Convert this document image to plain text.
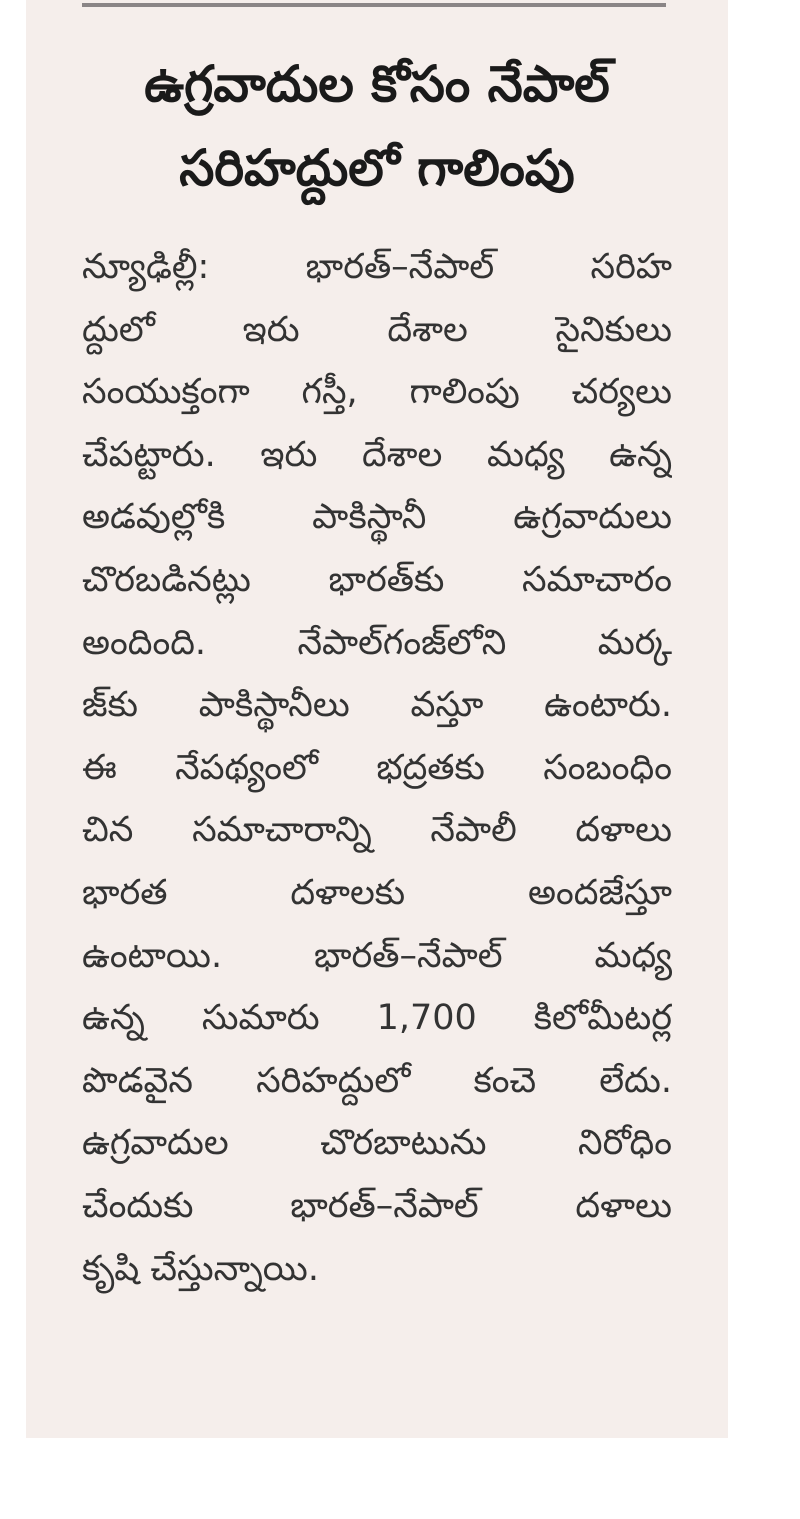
ఉగ్రవాదుల కోసం నేపాల్
సరిహద్దులో గాలింపు
న్యూఢిల్లీ: భారత్–నేపాల్ సరిహ
ద్దులో ఇరు దేశాల సైనికులు
సంయుక్తంగా గస్తీ, గాలింపు చర్యలు
చేపట్టారు. ఇరు దేశాల మధ్య ఉన్న
అడవుల్లోకి పాకిస్థానీ ఉగ్రవాదులు
చొరబడినట్లు భారత్‌కు సమాచారం
అందింది. నేపాల్‌గంజ్‌లోని మర్క
జ్‌కు పాకిస్థానీలు వస్తూ ఉంటారు.
ఈ నేపథ్యంలో భద్రతకు సంబంధిం
చిన సమాచారాన్ని నేపాలీ దళాలు
భారత దళాలకు అందజేస్తూ
ఉంటాయి. భారత్–నేపాల్ మధ్య
ఉన్న సుమారు 1,700 కిలోమీటర్ల
పొడవైన సరిహద్దులో కంచె లేదు.
ఉగ్రవాదుల చొరబాటును నిరోధిం
చేందుకు భారత్–నేపాల్ దళాలు
కృషి చేస్తున్నాయి.
